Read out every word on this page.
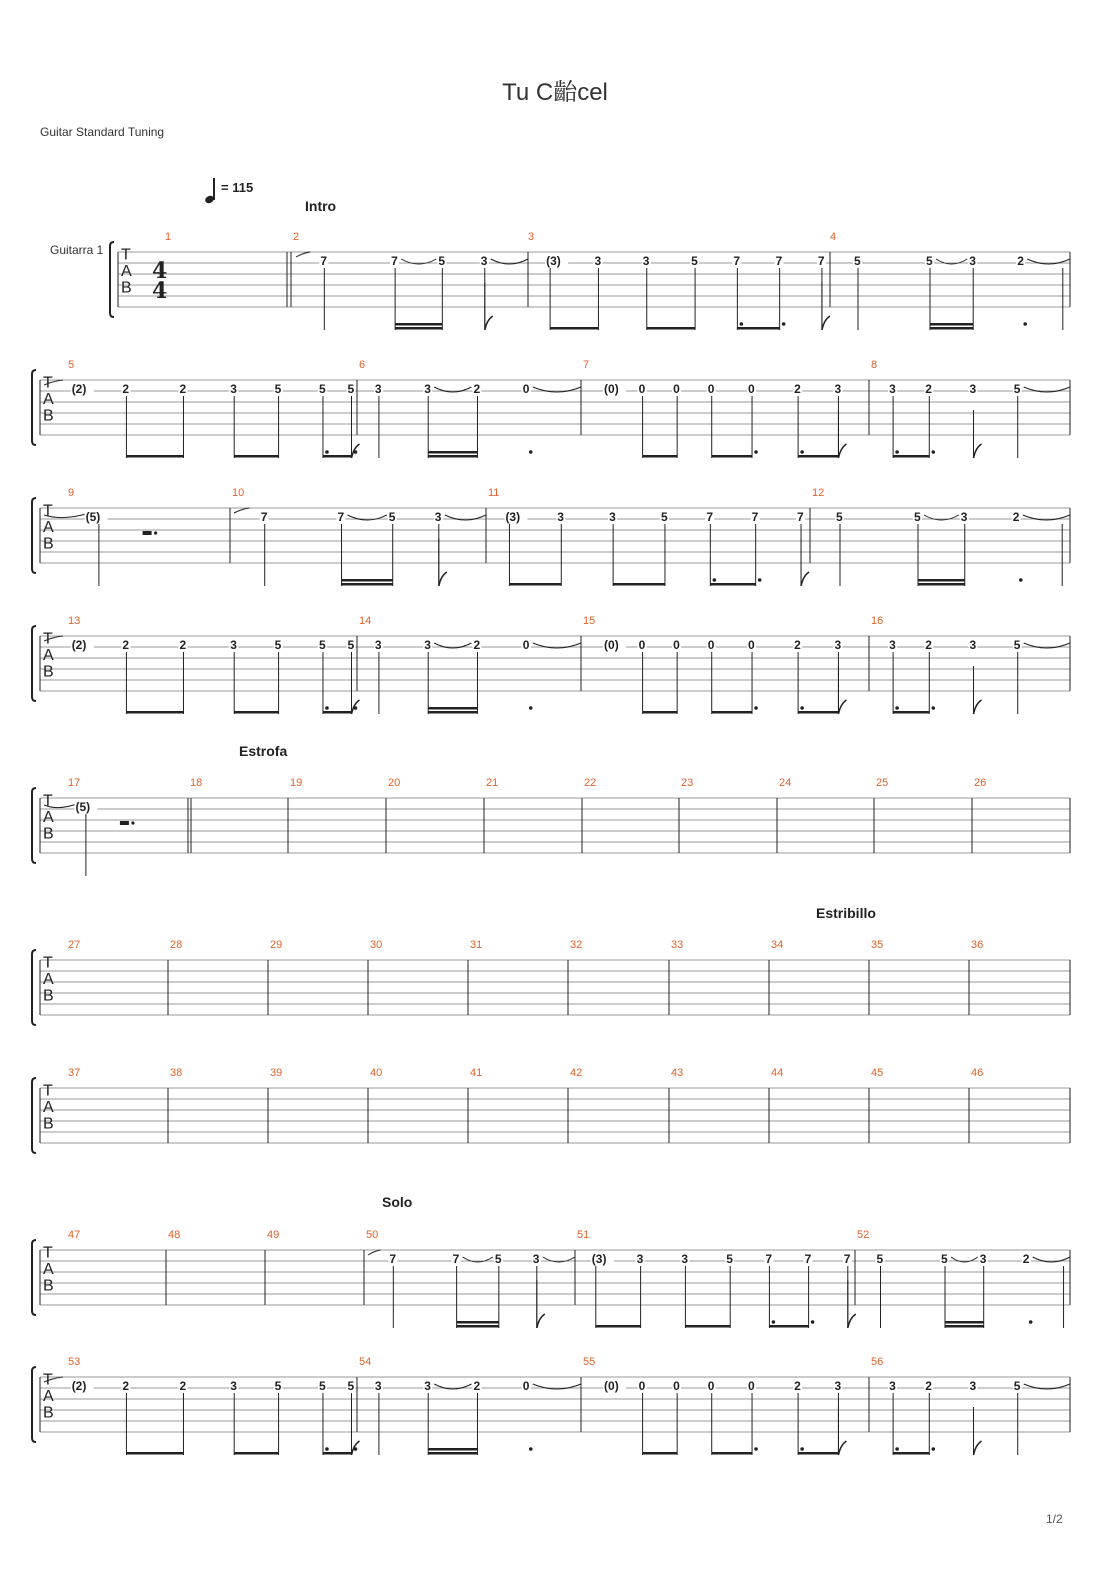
Tu C齝cel
Guitar Standard Tuning
= 115
Guitarra 1
1/2
T
A
B
4
4
1	2	3	4
7	7	5	3	(3)	3	3	5	7	7	7 5	5	3	2
T
A
B
5	6	7	8
(2)	2	2	3	5	5 5 3	3	2	0	(0) 0 0 0	0	2	3	3 2	3	5
T
A
B
9	10	11	12
(5)	7	7	5	3	(3)	3	3	5	7	7	7	5	5	3	2
T
A
B
13	14	15	16
(2)	2	2	3	5	5 5 3	3	2	0	(0) 0 0 0	0	2	3	3 2	3	5
T
A
B
17	18	19	20	21	22	23	24	25	26
(5)
T
A
B
27	28	29	30	31	32	33	34	35	36
T
A
B
37	38	39	40	41	42	43	44	45	46
T
A
B
47	48	49	50	51	52
7	7	5	3	(3)	3	3	5	7	7	7 5	5	3	2
T
A
B
53	54	55	56
(2)	2	2	3	5	5 5 3	3	2	0	(0) 0 0 0	0	2	3	3 2	3	5
Intro
Estrofa
Estribillo
Solo
